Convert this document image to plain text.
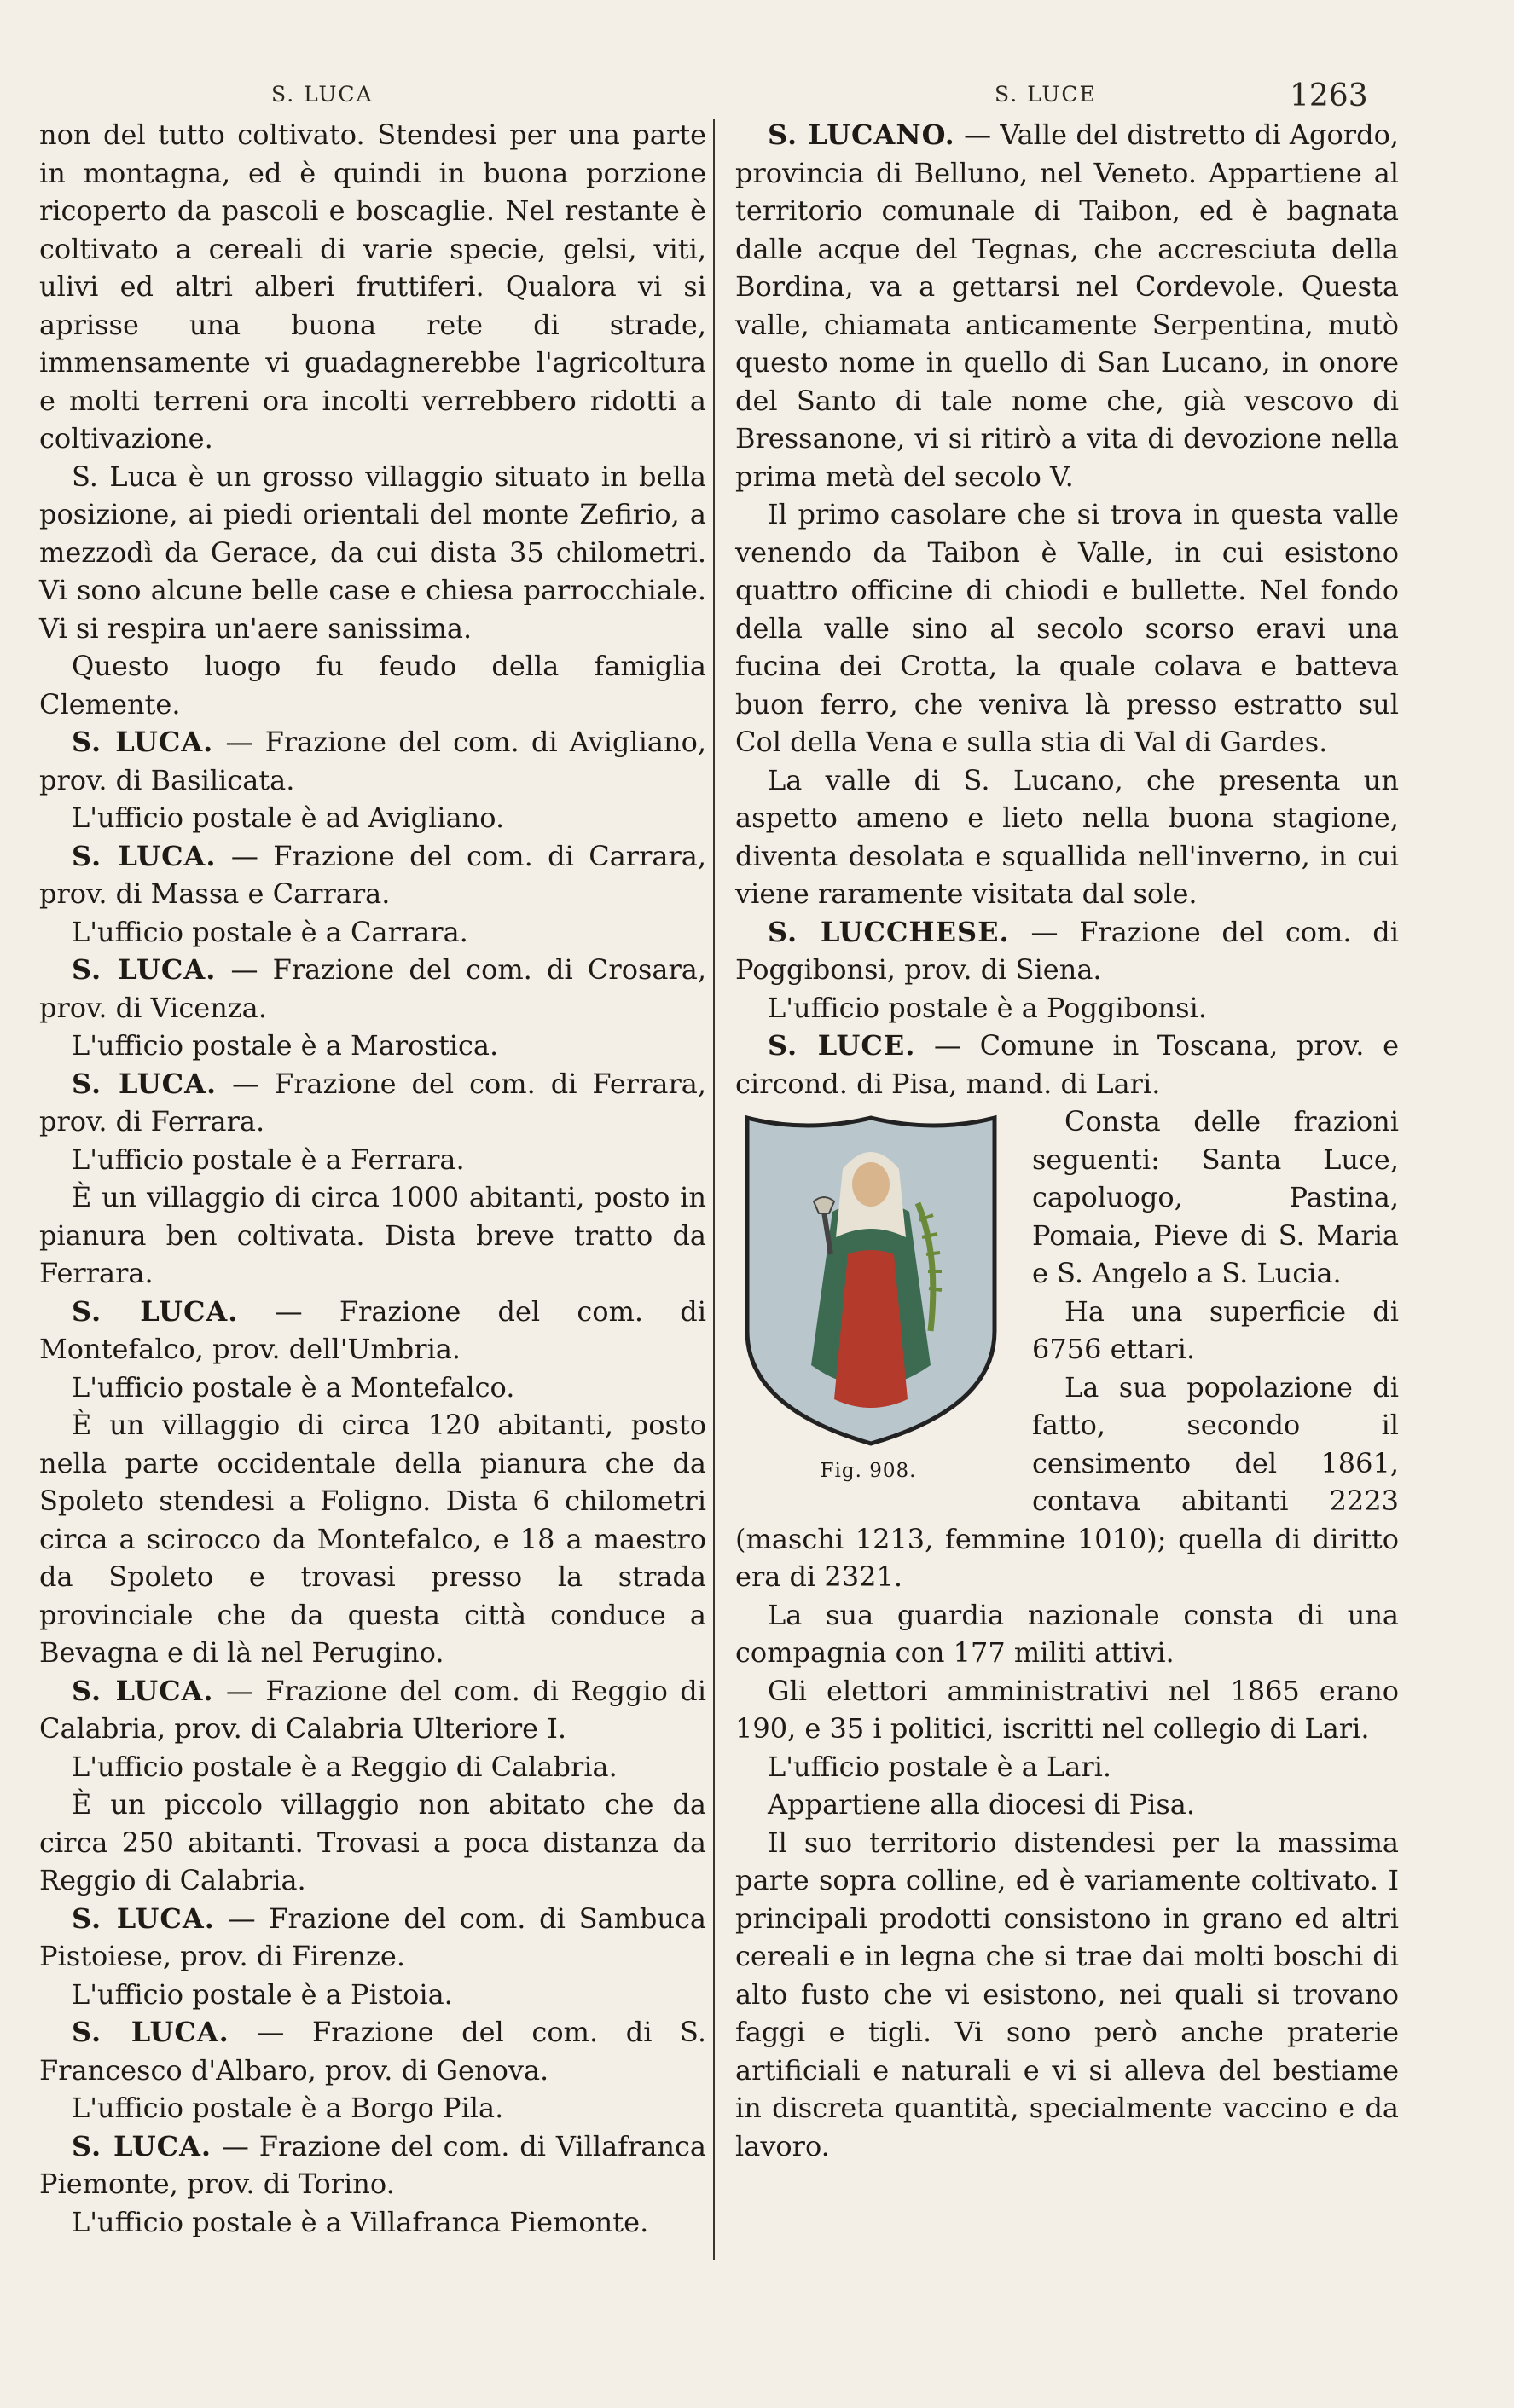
S. LUCA	S. LUCE	1263

non del tutto coltivato. Stendesi per una parte in montagna, ed è quindi in buona porzione ricoperto da pascoli e boscaglie. Nel restante è coltivato a cereali di varie specie, gelsi, viti, ulivi ed altri alberi fruttiferi. Qualora vi si aprisse una buona rete di strade, immensamente vi guadagnerebbe l'agricoltura e molti terreni ora incolti verrebbero ridotti a coltivazione.

S. Luca è un grosso villaggio situato in bella posizione, ai piedi orientali del monte Zefirio, a mezzodì da Gerace, da cui dista 35 chilometri. Vi sono alcune belle case e chiesa parrocchiale. Vi si respira un'aere sanissima.

Questo luogo fu feudo della famiglia Clemente.

S. LUCA. — Frazione del com. di Avigliano, prov. di Basilicata.

L'ufficio postale è ad Avigliano.

S. LUCA. — Frazione del com. di Carrara, prov. di Massa e Carrara.

L'ufficio postale è a Carrara.

S. LUCA. — Frazione del com. di Crosara, prov. di Vicenza.

L'ufficio postale è a Marostica.

S. LUCA. — Frazione del com. di Ferrara, prov. di Ferrara.

L'ufficio postale è a Ferrara.

È un villaggio di circa 1000 abitanti, posto in pianura ben coltivata. Dista breve tratto da Ferrara.

S. LUCA. — Frazione del com. di Montefalco, prov. dell'Umbria.

L'ufficio postale è a Montefalco.

È un villaggio di circa 120 abitanti, posto nella parte occidentale della pianura che da Spoleto stendesi a Foligno. Dista 6 chilometri circa a scirocco da Montefalco, e 18 a maestro da Spoleto e trovasi presso la strada provinciale che da questa città conduce a Bevagna e di là nel Perugino.

S. LUCA. — Frazione del com. di Reggio di Calabria, prov. di Calabria Ulteriore I.

L'ufficio postale è a Reggio di Calabria.

È un piccolo villaggio non abitato che da circa 250 abitanti. Trovasi a poca distanza da Reggio di Calabria.

S. LUCA. — Frazione del com. di Sambuca Pistoiese, prov. di Firenze.

L'ufficio postale è a Pistoia.

S. LUCA. — Frazione del com. di S. Francesco d'Albaro, prov. di Genova.

L'ufficio postale è a Borgo Pila.

S. LUCA. — Frazione del com. di Villafranca Piemonte, prov. di Torino.

L'ufficio postale è a Villafranca Piemonte.

S. LUCANO. — Valle del distretto di Agordo, provincia di Belluno, nel Veneto. Appartiene al territorio comunale di Taibon, ed è bagnata dalle acque del Tegnas, che accresciuta della Bordina, va a gettarsi nel Cordevole. Questa valle, chiamata anticamente Serpentina, mutò questo nome in quello di San Lucano, in onore del Santo di tale nome che, già vescovo di Bressanone, vi si ritirò a vita di devozione nella prima metà del secolo V.

Il primo casolare che si trova in questa valle venendo da Taibon è Valle, in cui esistono quattro officine di chiodi e bullette. Nel fondo della valle sino al secolo scorso eravi una fucina dei Crotta, la quale colava e batteva buon ferro, che veniva là presso estratto sul Col della Vena e sulla stia di Val di Gardes.

La valle di S. Lucano, che presenta un aspetto ameno e lieto nella buona stagione, diventa desolata e squallida nell'inverno, in cui viene raramente visitata dal sole.

S. LUCCHESE. — Frazione del com. di Poggibonsi, prov. di Siena.

L'ufficio postale è a Poggibonsi.

S. LUCE. — Comune in Toscana, prov. e circond. di Pisa, mand. di Lari.

Fig. 908.

Consta delle frazioni seguenti: Santa Luce, capoluogo, Pastina, Pomaia, Pieve di S. Maria e S. Angelo a S. Lucia.

Ha una superficie di 6756 ettari.

La sua popolazione di fatto, secondo il censimento del 1861, contava abitanti 2223 (maschi 1213, femmine 1010); quella di diritto era di 2321.

La sua guardia nazionale consta di una compagnia con 177 militi attivi.

Gli elettori amministrativi nel 1865 erano 190, e 35 i politici, iscritti nel collegio di Lari.

L'ufficio postale è a Lari.

Appartiene alla diocesi di Pisa.

Il suo territorio distendesi per la massima parte sopra colline, ed è variamente coltivato. I principali prodotti consistono in grano ed altri cereali e in legna che si trae dai molti boschi di alto fusto che vi esistono, nei quali si trovano faggi e tigli. Vi sono però anche praterie artificiali e naturali e vi si alleva del bestiame in discreta quantità, specialmente vaccino e da lavoro.
